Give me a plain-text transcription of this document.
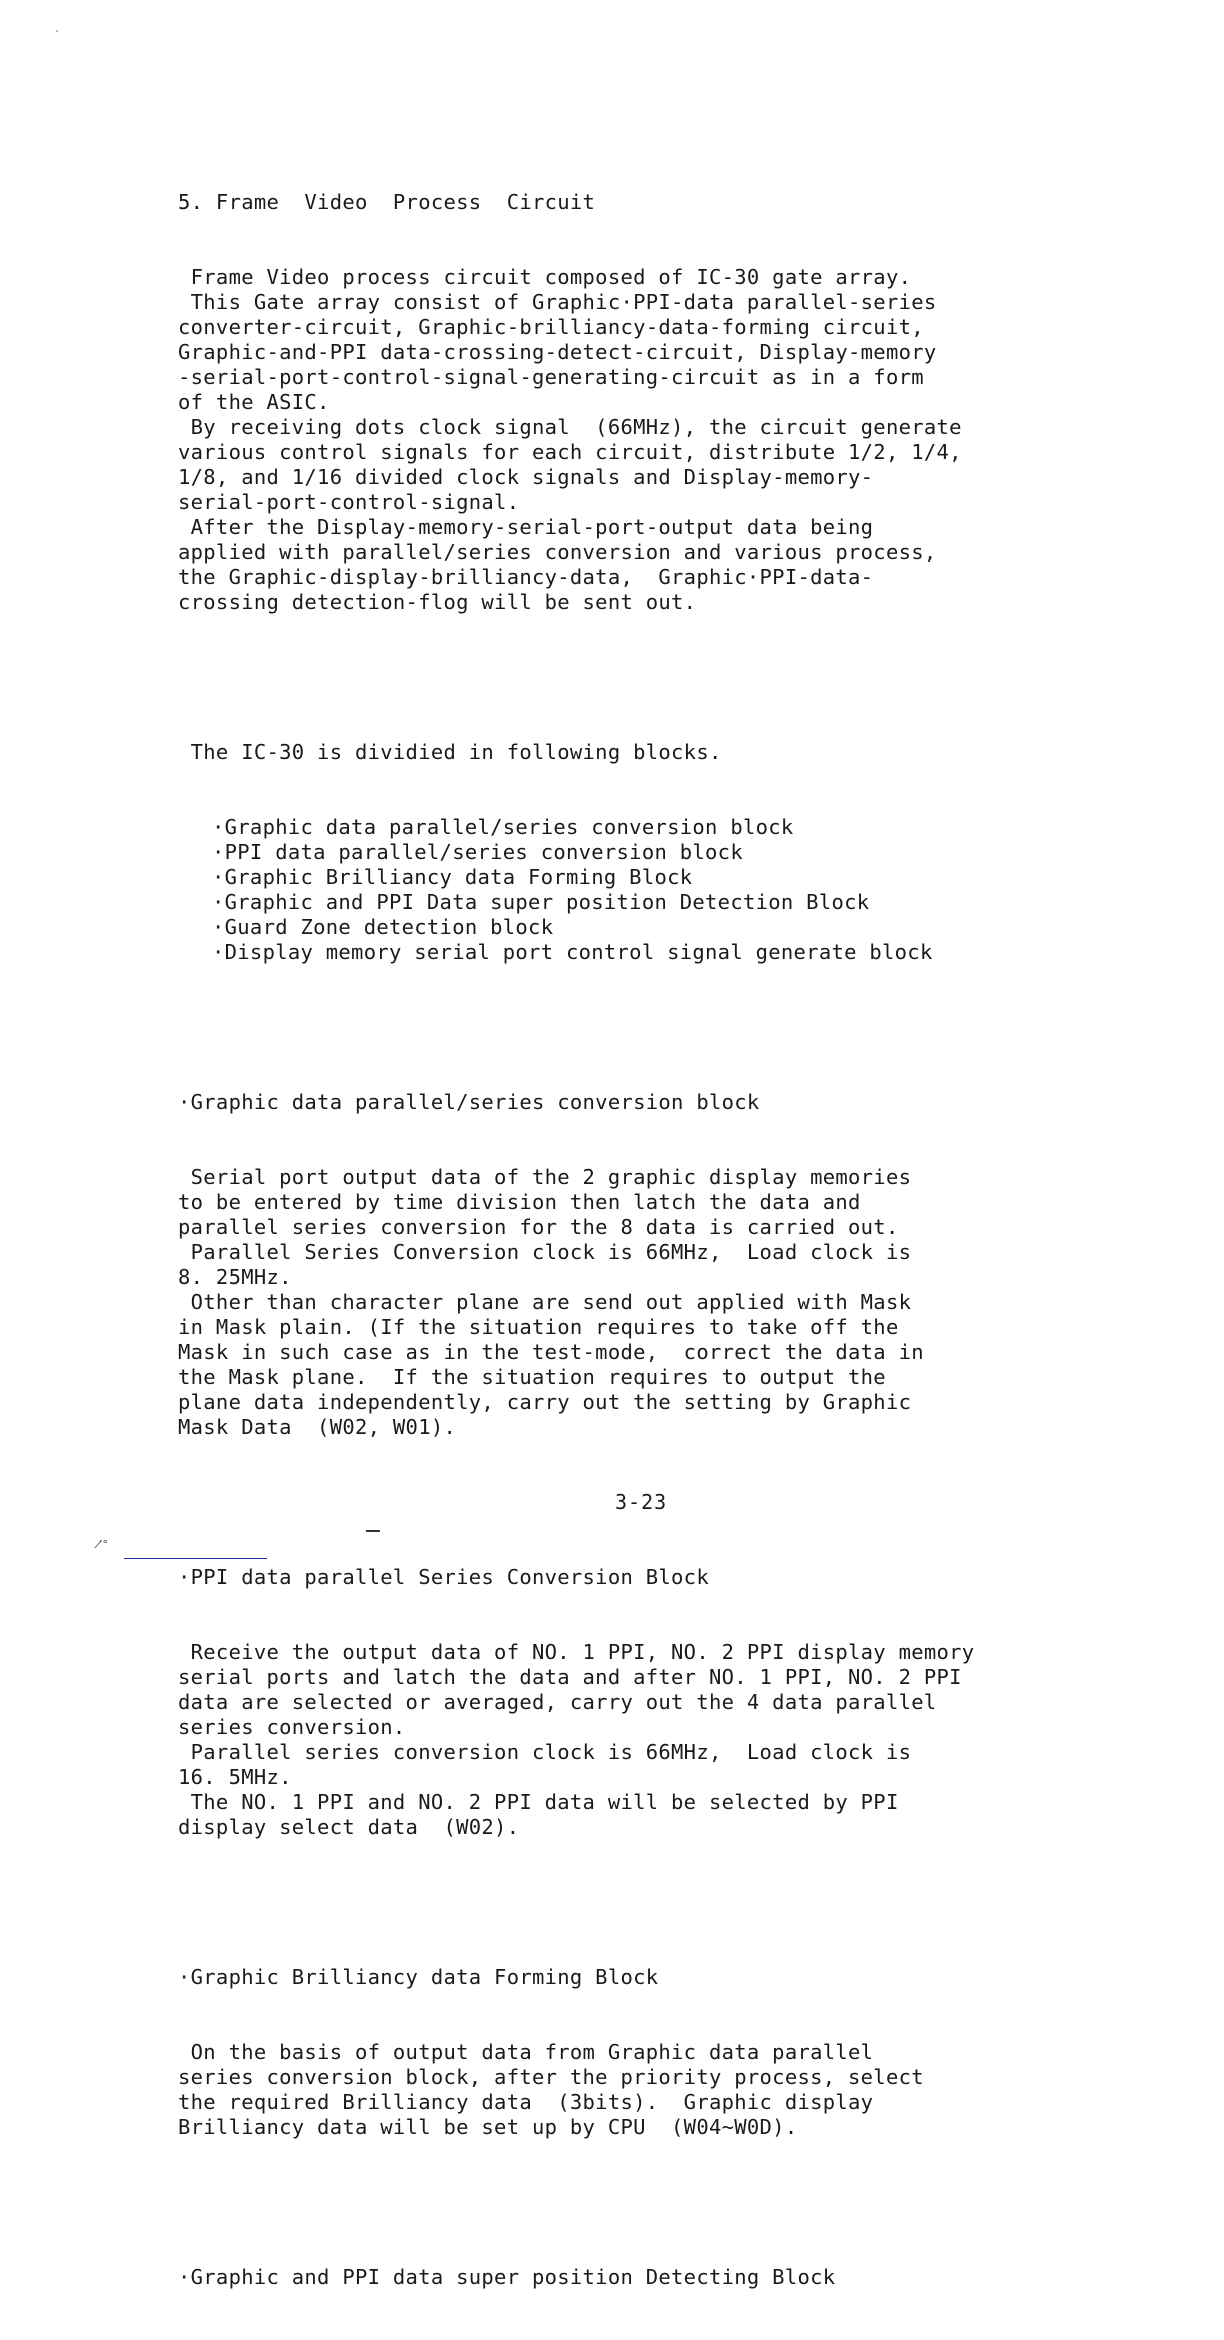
5. Frame  Video  Process  Circuit

Frame Video process circuit composed of IC-30 gate array.
This Gate array consist of Graphic·PPI-data parallel-series
converter-circuit, Graphic-brilliancy-data-forming circuit,
Graphic-and-PPI data-crossing-detect-circuit, Display-memory
-serial-port-control-signal-generating-circuit as in a form
of the ASIC.
By receiving dots clock signal  (66MHz), the circuit generate
various control signals for each circuit, distribute 1/2, 1/4,
1/8, and 1/16 divided clock signals and Display-memory-
serial-port-control-signal.
After the Display-memory-serial-port-output data being
applied with parallel/series conversion and various process,
the Graphic-display-brilliancy-data,  Graphic·PPI-data-
crossing detection-flog will be sent out.

The IC-30 is dividied in following blocks.

·Graphic data parallel/series conversion block
·PPI data parallel/series conversion block
·Graphic Brilliancy data Forming Block
·Graphic and PPI Data super position Detection Block
·Guard Zone detection block
·Display memory serial port control signal generate block

·Graphic data parallel/series conversion block

Serial port output data of the 2 graphic display memories
to be entered by time division then latch the data and
parallel series conversion for the 8 data is carried out.
Parallel Series Conversion clock is 66MHz,  Load clock is
8. 25MHz.
Other than character plane are send out applied with Mask
in Mask plain. (If the situation requires to take off the
Mask in such case as in the test-mode,  correct the data in
the Mask plane.  If the situation requires to output the
plane data independently, carry out the setting by Graphic
Mask Data  (W02, W01).

·PPI data parallel Series Conversion Block

Receive the output data of NO. 1 PPI, NO. 2 PPI display memory
serial ports and latch the data and after NO. 1 PPI, NO. 2 PPI
data are selected or averaged, carry out the 4 data parallel
series conversion.
Parallel series conversion clock is 66MHz,  Load clock is
16. 5MHz.
The NO. 1 PPI and NO. 2 PPI data will be selected by PPI
display select data  (W02).

·Graphic Brilliancy data Forming Block

On the basis of output data from Graphic data parallel
series conversion block, after the priority process, select
the required Brilliancy data  (3bits).  Graphic display
Brilliancy data will be set up by CPU  (W04~W0D).

·Graphic and PPI data super position Detecting Block

3-23
’̸°
